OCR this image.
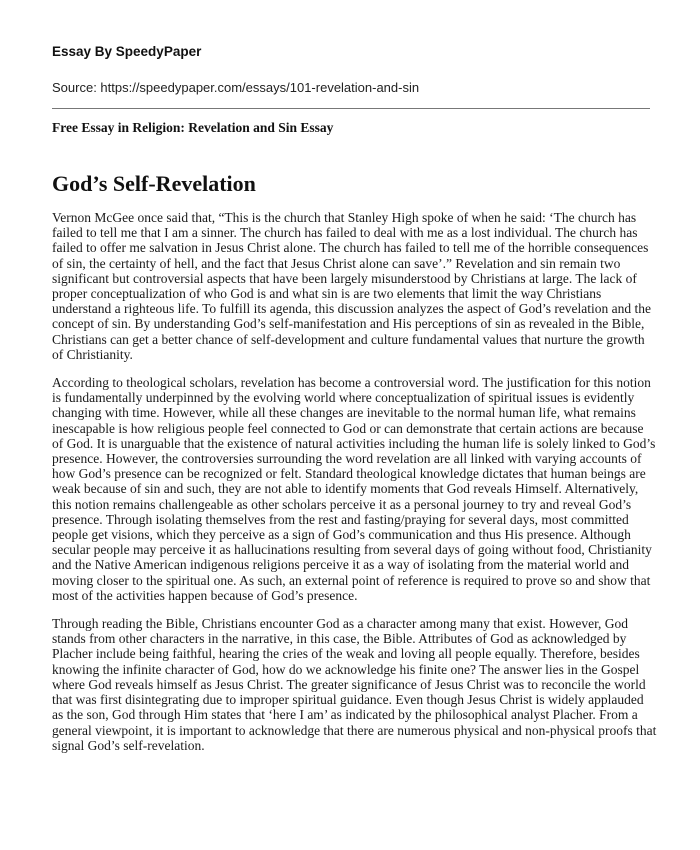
Essay By SpeedyPaper

Source: https://speedypaper.com/essays/101-revelation-and-sin

Free Essay in Religion: Revelation and Sin Essay

God’s Self-Revelation

Vernon McGee once said that, “This is the church that Stanley High spoke of when he said: ‘The church has failed to tell me that I am a sinner. The church has failed to deal with me as a lost individual. The church has failed to offer me salvation in Jesus Christ alone. The church has failed to tell me of the horrible consequences of sin, the certainty of hell, and the fact that Jesus Christ alone can save’.” Revelation and sin remain two significant but controversial aspects that have been largely misunderstood by Christians at large. The lack of proper conceptualization of who God is and what sin is are two elements that limit the way Christians understand a righteous life. To fulfill its agenda, this discussion analyzes the aspect of God’s revelation and the concept of sin. By understanding God’s self-manifestation and His perceptions of sin as revealed in the Bible, Christians can get a better chance of self-development and culture fundamental values that nurture the growth of Christianity.

According to theological scholars, revelation has become a controversial word. The justification for this notion is fundamentally underpinned by the evolving world where conceptualization of spiritual issues is evidently changing with time. However, while all these changes are inevitable to the normal human life, what remains inescapable is how religious people feel connected to God or can demonstrate that certain actions are because of God. It is unarguable that the existence of natural activities including the human life is solely linked to God’s presence. However, the controversies surrounding the word revelation are all linked with varying accounts of how God’s presence can be recognized or felt. Standard theological knowledge dictates that human beings are weak because of sin and such, they are not able to identify moments that God reveals Himself. Alternatively, this notion remains challengeable as other scholars perceive it as a personal journey to try and reveal God’s presence. Through isolating themselves from the rest and fasting/praying for several days, most committed people get visions, which they perceive as a sign of God’s communication and thus His presence. Although secular people may perceive it as hallucinations resulting from several days of going without food, Christianity and the Native American indigenous religions perceive it as a way of isolating from the material world and moving closer to the spiritual one. As such, an external point of reference is required to prove so and show that most of the activities happen because of God’s presence.

Through reading the Bible, Christians encounter God as a character among many that exist. However, God stands from other characters in the narrative, in this case, the Bible. Attributes of God as acknowledged by Placher include being faithful, hearing the cries of the weak and loving all people equally. Therefore, besides knowing the infinite character of God, how do we acknowledge his finite one? The answer lies in the Gospel where God reveals himself as Jesus Christ. The greater significance of Jesus Christ was to reconcile the world that was first disintegrating due to improper spiritual guidance. Even though Jesus Christ is widely applauded as the son, God through Him states that ‘here I am’ as indicated by the philosophical analyst Placher. From a general viewpoint, it is important to acknowledge that there are numerous physical and non-physical proofs that signal God’s self-revelation.
